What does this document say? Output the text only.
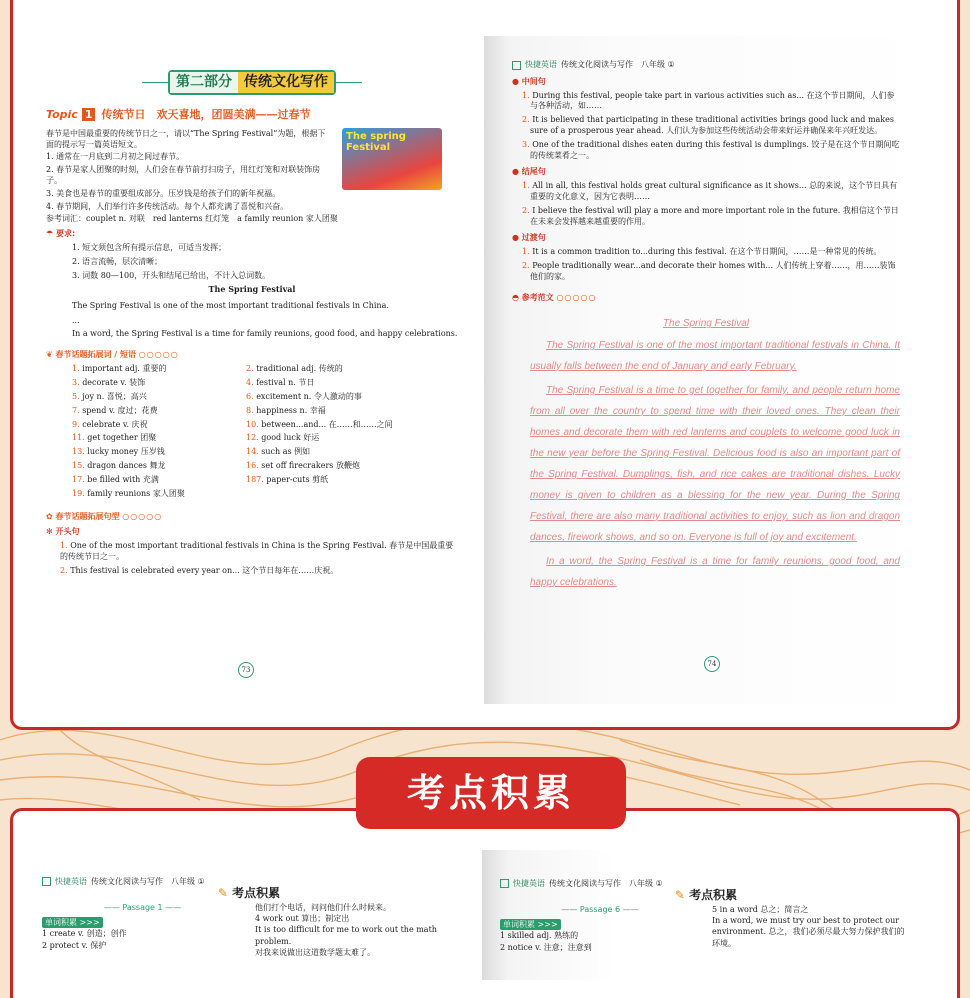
第二部分 传统文化写作
Topic 1 传统节日　欢天喜地，团圆美满——过春节

春节是中国最重要的传统节日之一，请以“The Spring Festival”为题，根据下面的提示写一篇英语短文。

1. 通常在一月底到二月初之间过春节。

2. 春节是家人团聚的时刻，人们会在春节前打扫房子，用红灯笼和对联装饰房子。

3. 美食也是春节的重要组成部分。压岁钱是给孩子们的新年祝福。

4. 春节期间，人们举行许多传统活动。每个人都充满了喜悦和兴奋。

参考词汇：couplet n. 对联　red lanterns 红灯笼　a family reunion 家人团聚

The spring Festival
☂ 要求:

1. 短文须包含所有提示信息，可适当发挥；

2. 语言流畅，层次清晰；

3. 词数 80—100，开头和结尾已给出，不计入总词数。

The Spring Festival

The Spring Festival is one of the most important traditional festivals in China.

...

In a word, the Spring Festival is a time for family reunions, good food, and happy celebrations.

❦ 春节话题拓展词 / 短语 ○○○○○
1. important adj. 重要的	2. traditional adj. 传统的
3. decorate v. 装饰	4. festival n. 节日
5. joy n. 喜悦；高兴	6. excitement n. 令人激动的事
7. spend v. 度过；花费	8. happiness n. 幸福
9. celebrate v. 庆祝	10. between...and... 在……和……之间
11. get together 团聚	12. good luck 好运
13. lucky money 压岁钱	14. such as 例如
15. dragon dances 舞龙	16. set off firecrakers 放鞭炮
17. be filled with 充满	187. paper-cuts 剪纸
19. family reunions 家人团聚
✿ 春节话题拓展句型 ○○○○○
✻ 开头句

1. One of the most important traditional festivals in China is the Spring Festival. 春节是中国最重要的传统节日之一。

2. This festival is celebrated every year on... 这个节日每年在……庆祝。

73
快捷英语 传统文化阅读与写作　八年级 ①
● 中间句

1. During this festival, people take part in various activities such as... 在这个节日期间，人们参与各种活动，如……

2. It is believed that participating in these traditional activities brings good luck and makes sure of a prosperous year ahead. 人们认为参加这些传统活动会带来好运并确保来年兴旺发达。

3. One of the traditional dishes eaten during this festival is dumplings. 饺子是在这个节日期间吃的传统菜肴之一。

● 结尾句

1. All in all, this festival holds great cultural significance as it shows... 总的来说，这个节日具有重要的文化意义，因为它表明……

2. I believe the festival will play a more and more important role in the future. 我相信这个节日在未来会发挥越来越重要的作用。

● 过渡句

1. It is a common tradition to...during this festival. 在这个节日期间，……是一种常见的传统。

2. People traditionally wear...and decorate their homes with... 人们传统上穿着……，用……装饰他们的家。

◓ 参考范文 ○○○○○
The Spring Festival

The Spring Festival is one of the most important traditional festivals in China. It usually falls between the end of January and early February.

The Spring Festival is a time to get together for family, and people return home from all over the country to spend time with their loved ones. They clean their homes and decorate them with red lanterns and couplets to welcome good luck in the new year before the Spring Festival. Delicious food is also an important part of the Spring Festival. Dumplings, fish, and rice cakes are traditional dishes. Lucky money is given to children as a blessing for the new year. During the Spring Festival, there are also many traditional activities to enjoy, such as lion and dragon dances, firework shows, and so on. Everyone is full of joy and excitement.

In a word, the Spring Festival is a time for family reunions, good food, and happy celebrations.

74
考点积累
快捷英语 传统文化阅读与写作　八年级 ①
✎ 考点积累
—— Passage 1 ——
单词积累 >>>
1 create v. 创造；创作
2 protect v. 保护
他们打个电话，问问他们什么时候来。
4 work out 算出；制定出
It is too difficult for me to work out the math problem.
对我来说做出这道数学题太难了。
快捷英语 传统文化阅读与写作　八年级 ①
✎ 考点积累
—— Passage 6 ——
单词积累 >>>
1 skilled adj. 熟练的
2 notice v. 注意；注意到
5 in a word 总之；简言之
In a word, we must try our best to protect our environment. 总之，我们必须尽最大努力保护我们的环境。
